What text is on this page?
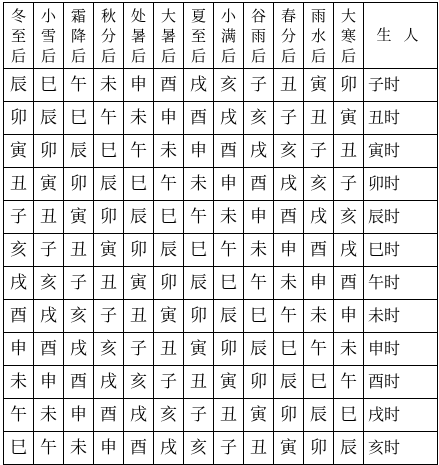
冬
至
后	小
雪
后	霜
降
后	秋
分
后	处
暑
后	大
暑
后	夏
至
后	小
满
后	谷
雨
后	春
分
后	雨
水
后	大
寒
后	生人
辰	巳	午	未	申	酉	戌	亥	子	丑	寅	卯	子时
卯	辰	巳	午	未	申	酉	戌	亥	子	丑	寅	丑时
寅	卯	辰	巳	午	未	申	酉	戌	亥	子	丑	寅时
丑	寅	卯	辰	巳	午	未	申	酉	戌	亥	子	卯时
子	丑	寅	卯	辰	巳	午	未	申	酉	戌	亥	辰时
亥	子	丑	寅	卯	辰	巳	午	未	申	酉	戌	巳时
戌	亥	子	丑	寅	卯	辰	巳	午	未	申	酉	午时
酉	戌	亥	子	丑	寅	卯	辰	巳	午	未	申	未时
申	酉	戌	亥	子	丑	寅	卯	辰	巳	午	未	申时
未	申	酉	戌	亥	子	丑	寅	卯	辰	巳	午	酉时
午	未	申	酉	戌	亥	子	丑	寅	卯	辰	巳	戌时
巳	午	未	申	酉	戌	亥	子	丑	寅	卯	辰	亥时
